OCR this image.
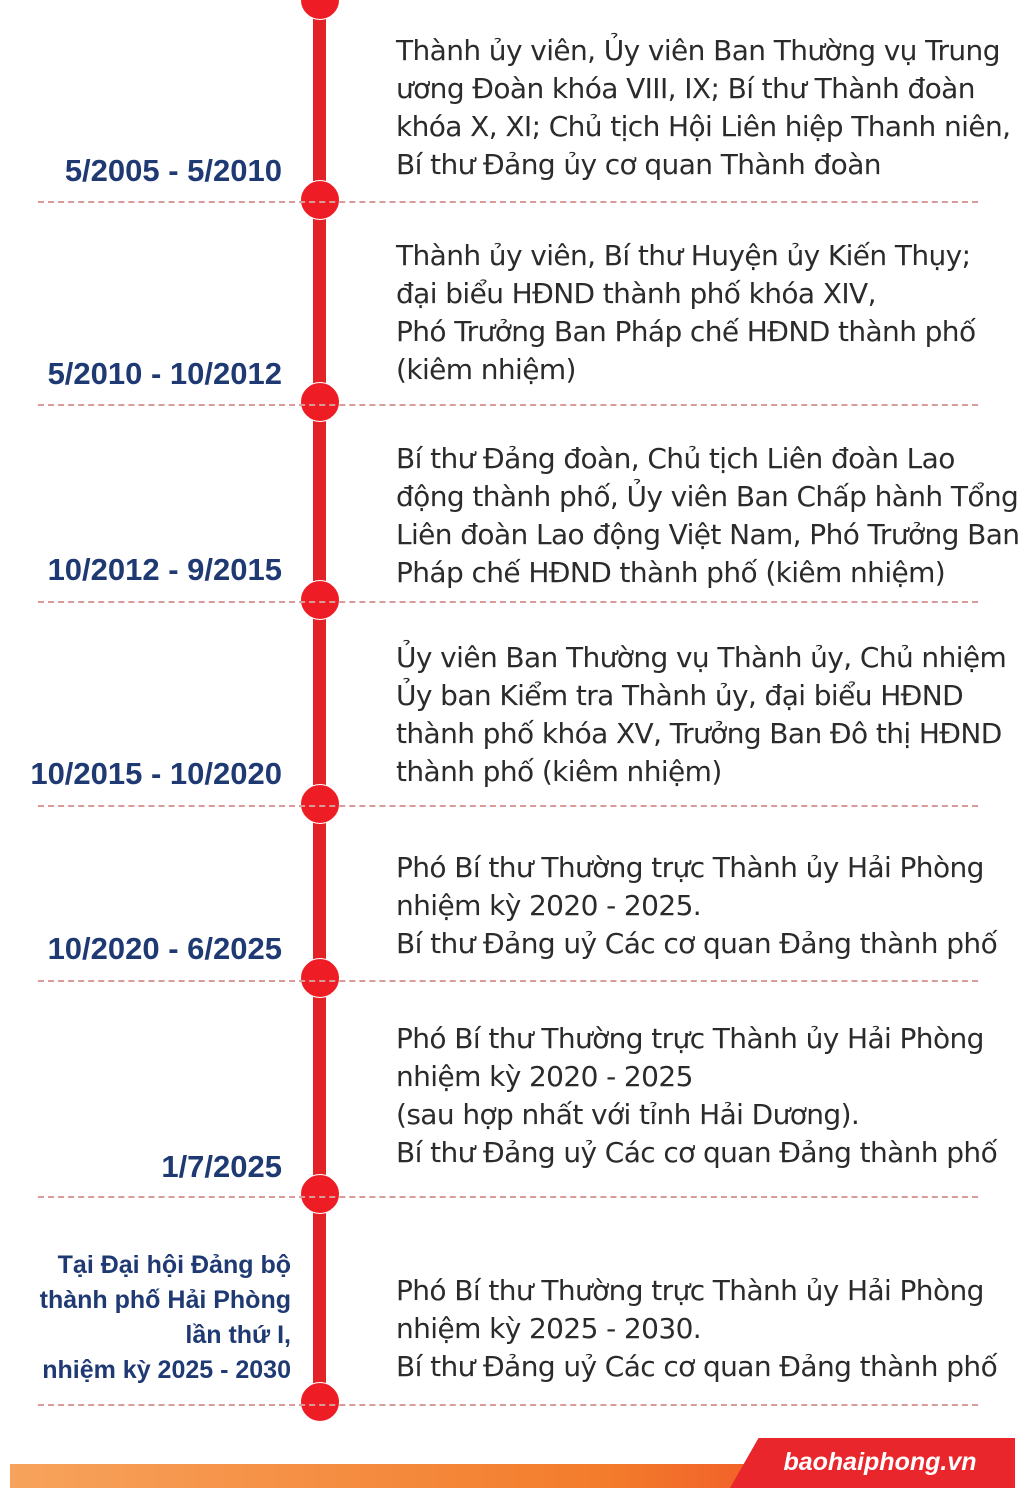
Thành ủy viên, Ủy viên Ban Thường vụ Trung
ương Đoàn khóa VIII, IX; Bí thư Thành đoàn
khóa X, XI; Chủ tịch Hội Liên hiệp Thanh niên,
Bí thư Đảng ủy cơ quan Thành đoàn
5/2005 - 5/2010
Thành ủy viên, Bí thư Huyện ủy Kiến Thụy;
đại biểu HĐND thành phố khóa XIV,
Phó Trưởng Ban Pháp chế HĐND thành phố
(kiêm nhiệm)
5/2010 - 10/2012
Bí thư Đảng đoàn, Chủ tịch Liên đoàn Lao
động thành phố, Ủy viên Ban Chấp hành Tổng
Liên đoàn Lao động Việt Nam, Phó Trưởng Ban
Pháp chế HĐND thành phố (kiêm nhiệm)
10/2012 - 9/2015
Ủy viên Ban Thường vụ Thành ủy, Chủ nhiệm
Ủy ban Kiểm tra Thành ủy, đại biểu HĐND
thành phố khóa XV, Trưởng Ban Đô thị HĐND
thành phố (kiêm nhiệm)
10/2015 - 10/2020
Phó Bí thư Thường trực Thành ủy Hải Phòng
nhiệm kỳ 2020 - 2025.
Bí thư Đảng uỷ Các cơ quan Đảng thành phố
10/2020 - 6/2025
Phó Bí thư Thường trực Thành ủy Hải Phòng
nhiệm kỳ 2020 - 2025
(sau hợp nhất với tỉnh Hải Dương).
Bí thư Đảng uỷ Các cơ quan Đảng thành phố
1/7/2025
Phó Bí thư Thường trực Thành ủy Hải Phòng
nhiệm kỳ 2025 - 2030.
Bí thư Đảng uỷ Các cơ quan Đảng thành phố
Tại Đại hội Đảng bộ
thành phố Hải Phòng
lần thứ I,
nhiệm kỳ 2025 - 2030
baohaiphong.vn
